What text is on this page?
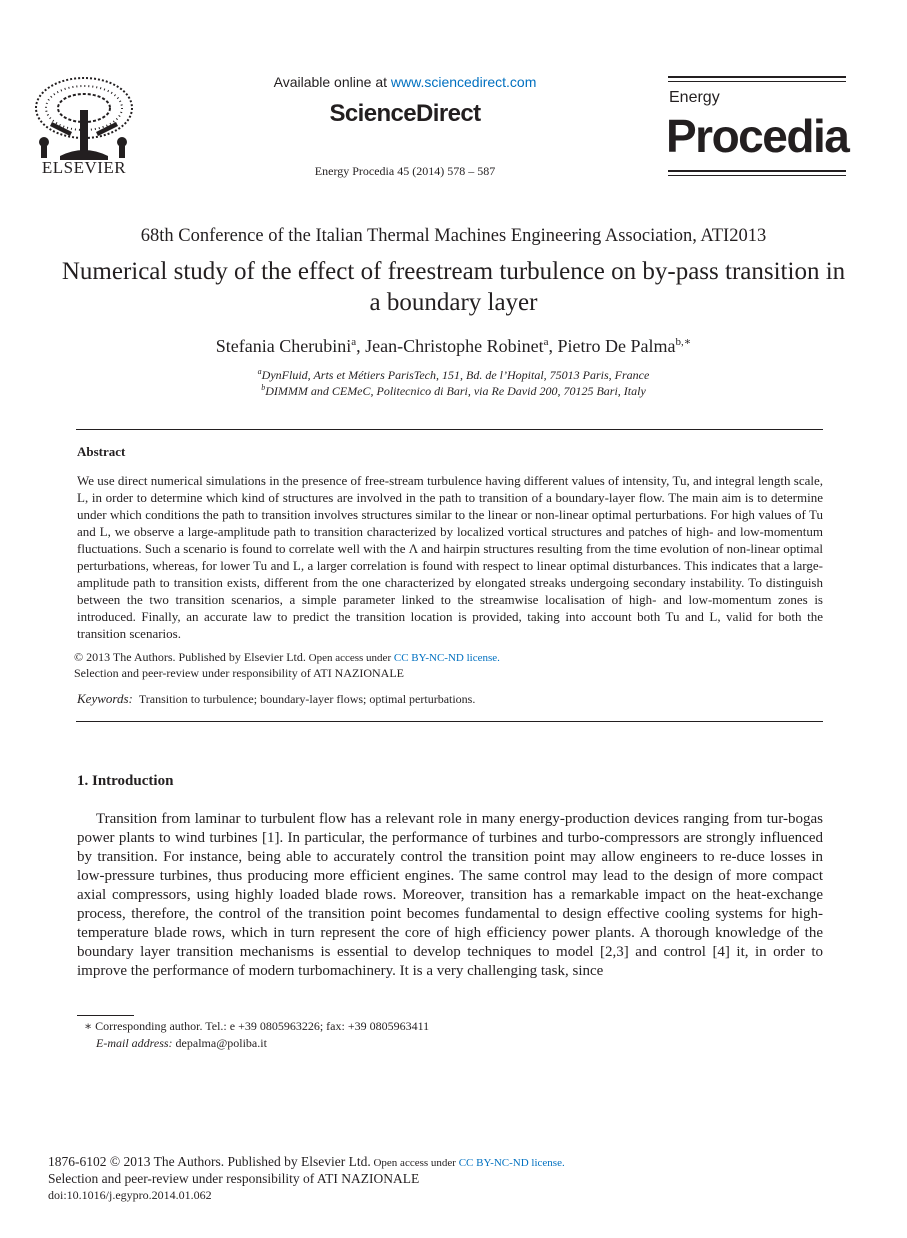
ELSEVIER
Available online at www.sciencedirect.com
ScienceDirect
Energy Procedia 45 (2014) 578 – 587
Energy
Procedia
68th Conference of the Italian Thermal Machines Engineering Association, ATI2013
Numerical study of the effect of freestream turbulence on by-pass transition in a boundary layer
Stefania Cherubini$^a$, Jean-Christophe Robinet$^a$, Pietro De Palma$^{b,∗}$
$^a$DynFluid, Arts et Métiers ParisTech, 151, Bd. de l’Hopital, 75013 Paris, France
$^b$DIMMM and CEMeC, Politecnico di Bari, via Re David 200, 70125 Bari, Italy
Abstract
We use direct numerical simulations in the presence of free-stream turbulence having different values of intensity, Tu, and integral length scale, L, in order to determine which kind of structures are involved in the path to transition of a boundary-layer flow. The main aim is to determine under which conditions the path to transition involves structures similar to the linear or non-linear optimal perturbations. For high values of Tu and L, we observe a large-amplitude path to transition characterized by localized vortical structures and patches of high- and low-momentum fluctuations. Such a scenario is found to correlate well with the Λ and hairpin structures resulting from the time evolution of non-linear optimal perturbations, whereas, for lower Tu and L, a larger correlation is found with respect to linear optimal disturbances. This indicates that a large-amplitude path to transition exists, different from the one characterized by elongated streaks undergoing secondary instability. To distinguish between the two transition scenarios, a simple parameter linked to the streamwise localisation of high- and low-momentum zones is introduced. Finally, an accurate law to predict the transition location is provided, taking into account both Tu and L, valid for both the transition scenarios.
© 2013 The Authors. Published by Elsevier Ltd. Open access under CC BY-NC-ND license.
Selection and peer-review under responsibility of ATI NAZIONALE
Keywords: Transition to turbulence; boundary-layer flows; optimal perturbations.
1. Introduction
Transition from laminar to turbulent flow has a relevant role in many energy-production devices ranging from tur-bogas power plants to wind turbines [1]. In particular, the performance of turbines and turbo-compressors are strongly influenced by transition. For instance, being able to accurately control the transition point may allow engineers to re-duce losses in low-pressure turbines, thus producing more efficient engines. The same control may lead to the design of more compact axial compressors, using highly loaded blade rows. Moreover, transition has a remarkable impact on the heat-exchange process, therefore, the control of the transition point becomes fundamental to design effective cooling systems for high-temperature blade rows, which in turn represent the core of high efficiency power plants. A thorough knowledge of the boundary layer transition mechanisms is essential to develop techniques to model [2,3] and control [4] it, in order to improve the performance of modern turbomachinery. It is a very challenging task, since
∗ Corresponding author. Tel.: e +39 0805963226; fax: +39 0805963411
E-mail address: depalma@poliba.it
1876-6102 © 2013 The Authors. Published by Elsevier Ltd. Open access under CC BY-NC-ND license.
Selection and peer-review under responsibility of ATI NAZIONALE
doi:10.1016/j.egypro.2014.01.062
